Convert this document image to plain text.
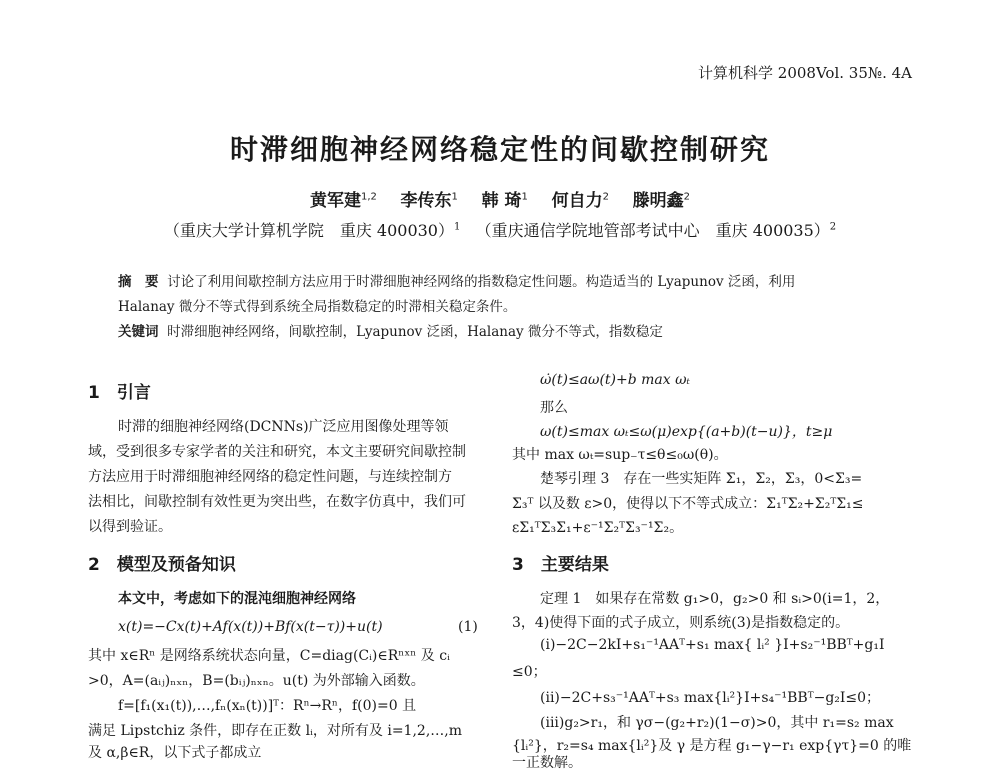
计算机科学 2008Vol. 35№. 4A
时滞细胞神经网络稳定性的间歇控制研究
黄军建$^{1,2}$ 李传东$^1$ 韩 琦$^1$ 何自力$^2$ 滕明鑫$^2$
（重庆大学计算机学院　重庆 400030）$^1$ （重庆通信学院地管部考试中心　重庆 400035）$^2$
摘　要 讨论了利用间歇控制方法应用于时滞细胞神经网络的指数稳定性问题。构造适当的 Lyapunov 泛函，利用
Halanay 微分不等式得到系统全局指数稳定的时滞相关稳定条件。
关键词 时滞细胞神经网络，间歇控制，Lyapunov 泛函，Halanay 微分不等式，指数稳定
1　引言
时滞的细胞神经网络(DCNNs)广泛应用图像处理等领
域，受到很多专家学者的关注和研究，本文主要研究间歇控制
方法应用于时滞细胞神经网络的稳定性问题，与连续控制方
法相比，间歇控制有效性更为突出些，在数字仿真中，我们可
以得到验证。
2　模型及预备知识
本文中，考虑如下的混沌细胞神经网络
x(t)=−Cx(t)+Af(x(t))+Bf(x(t−τ))+u(t)	(1)
其中 x∈Rⁿ 是网络系统状态向量，C=diag(Cᵢ)∈Rⁿˣⁿ 及 cᵢ
>0，A=(aᵢⱼ)ₙₓₙ，B=(bᵢⱼ)ₙₓₙ。u(t) 为外部输入函数。
f=[f₁(x₁(t)),…,fₙ(xₙ(t))]ᵀ：Rⁿ→Rⁿ，f(0)=0 且
满足 Lipstchiz 条件，即存在正数 lᵢ，对所有及 i=1,2,…,m
及 α,β∈R，以下式子都成立
ω̇(t)≤aω(t)+b max ωₜ
那么
ω(t)≤max ωₜ≤ω(μ)exp{(a+b)(t−u)}，t≥μ
其中 max ωₜ=sup₋τ≤θ≤₀ω(θ)。
楚琴引理 3　存在一些实矩阵 Σ₁，Σ₂，Σ₃，0<Σ₃=
Σ₃ᵀ 以及数 ε>0，使得以下不等式成立：Σ₁ᵀΣ₂+Σ₂ᵀΣ₁≤
εΣ₁ᵀΣ₃Σ₁+ε⁻¹Σ₂ᵀΣ₃⁻¹Σ₂。
3　主要结果
定理 1　如果存在常数 g₁>0，g₂>0 和 sᵢ>0(i=1，2，
3，4)使得下面的式子成立，则系统(3)是指数稳定的。
(i)−2C−2kI+s₁⁻¹AAᵀ+s₁ max{ lᵢ² }I+s₂⁻¹BBᵀ+g₁I
≤0；
(ii)−2C+s₃⁻¹AAᵀ+s₃ max{lᵢ²}I+s₄⁻¹BBᵀ−g₂I≤0；
(iii)g₂>r₁，和 γσ−(g₂+r₂)(1−σ)>0，其中 r₁=s₂ max
{lᵢ²}，r₂=s₄ max{lᵢ²}及 γ 是方程 g₁−γ−r₁ exp{γτ}=0 的唯
一正数解。
